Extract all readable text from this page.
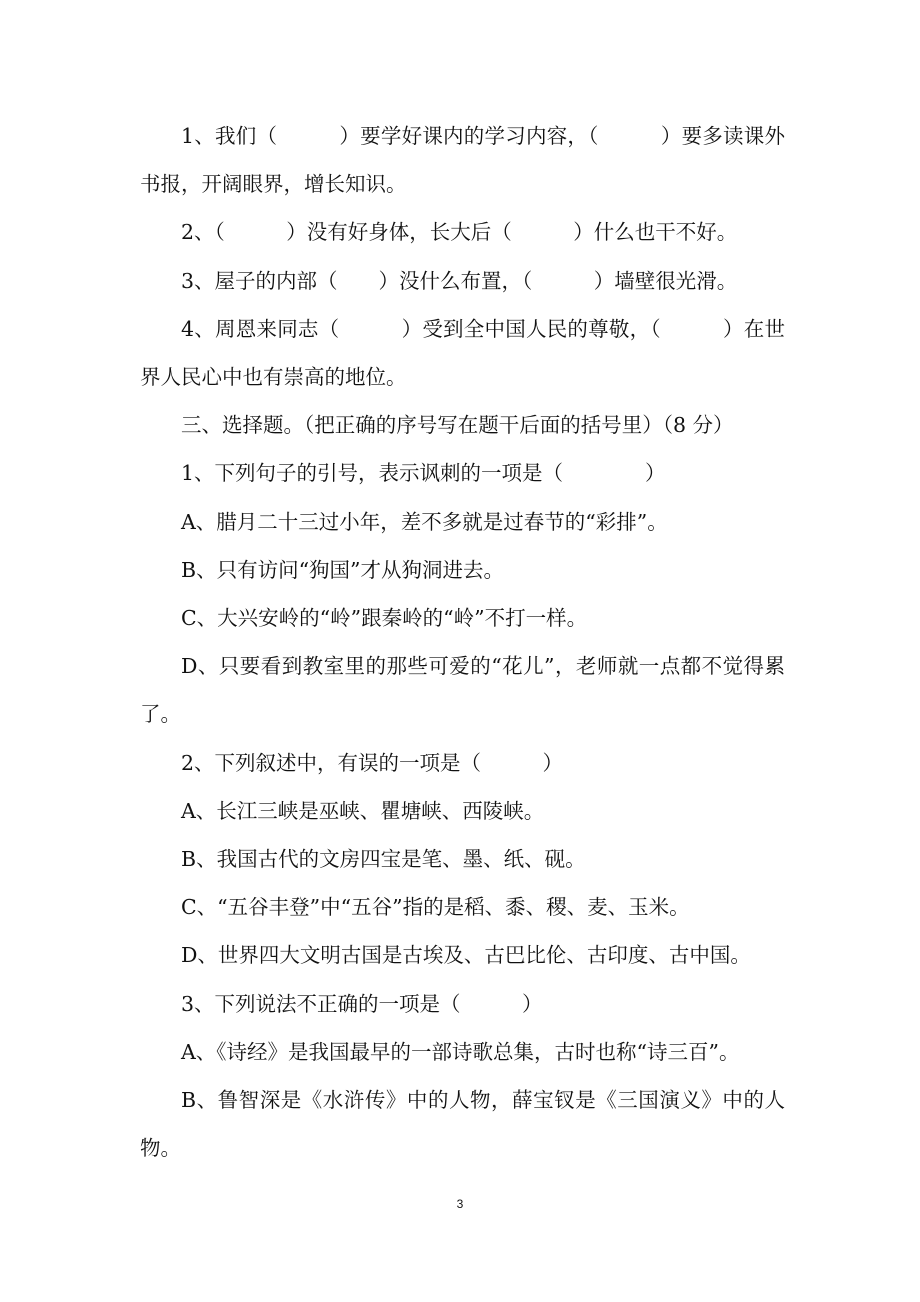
1、我们（　　　）要学好课内的学习内容，（　　　）要多读课外书报，开阔眼界，增长知识。

2、（　　　）没有好身体，长大后（　　　）什么也干不好。

3、屋子的内部（　　）没什么布置，（　　　）墙壁很光滑。

4、周恩来同志（　　　）受到全中国人民的尊敬，（　　　）在世界人民心中也有崇高的地位。

三、选择题。（把正确的序号写在题干后面的括号里）（8 分）

1、下列句子的引号，表示讽刺的一项是（　　　　）

A、腊月二十三过小年，差不多就是过春节的“彩排”。

B、只有访问“狗国”才从狗洞进去。

C、大兴安岭的“岭”跟秦岭的“岭”不打一样。

D、只要看到教室里的那些可爱的“花儿”，老师就一点都不觉得累了。

2、下列叙述中，有误的一项是（　　　）

A、长江三峡是巫峡、瞿塘峡、西陵峡。

B、我国古代的文房四宝是笔、墨、纸、砚。

C、“五谷丰登”中“五谷”指的是稻、黍、稷、麦、玉米。

D、世界四大文明古国是古埃及、古巴比伦、古印度、古中国。

3、下列说法不正确的一项是（　　　）

A、《诗经》是我国最早的一部诗歌总集，古时也称“诗三百”。

B、鲁智深是《水浒传》中的人物，薛宝钗是《三国演义》中的人物。

3
